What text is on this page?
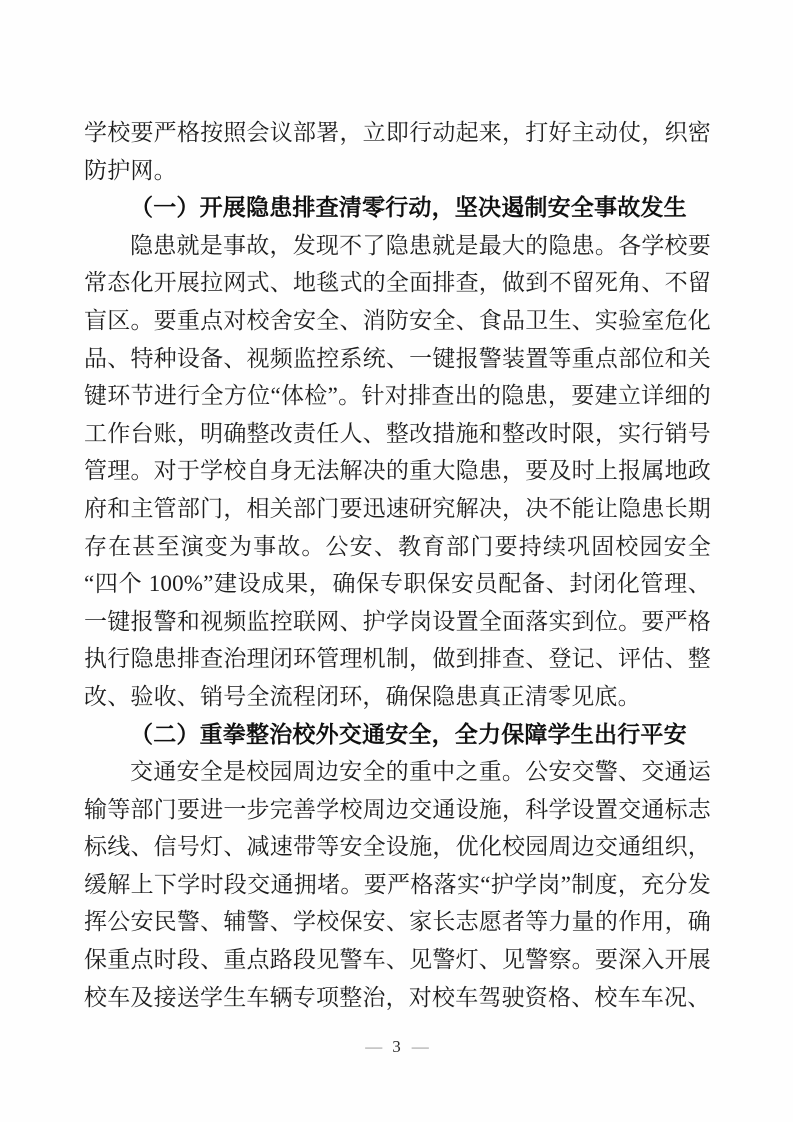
学校要严格按照会议部署，立即行动起来，打好主动仗，织密防护网。

（一）开展隐患排查清零行动，坚决遏制安全事故发生

隐患就是事故，发现不了隐患就是最大的隐患。各学校要常态化开展拉网式、地毯式的全面排查，做到不留死角、不留盲区。要重点对校舍安全、消防安全、食品卫生、实验室危化品、特种设备、视频监控系统、一键报警装置等重点部位和关键环节进行全方位“体检”。针对排查出的隐患，要建立详细的工作台账，明确整改责任人、整改措施和整改时限，实行销号管理。对于学校自身无法解决的重大隐患，要及时上报属地政府和主管部门，相关部门要迅速研究解决，决不能让隐患长期存在甚至演变为事故。公安、教育部门要持续巩固校园安全“四个 100%”建设成果，确保专职保安员配备、封闭化管理、一键报警和视频监控联网、护学岗设置全面落实到位。要严格执行隐患排查治理闭环管理机制，做到排查、登记、评估、整改、验收、销号全流程闭环，确保隐患真正清零见底。

（二）重拳整治校外交通安全，全力保障学生出行平安

交通安全是校园周边安全的重中之重。公安交警、交通运输等部门要进一步完善学校周边交通设施，科学设置交通标志标线、信号灯、减速带等安全设施，优化校园周边交通组织，缓解上下学时段交通拥堵。要严格落实“护学岗”制度，充分发挥公安民警、辅警、学校保安、家长志愿者等力量的作用，确保重点时段、重点路段见警车、见警灯、见警察。要深入开展校车及接送学生车辆专项整治，对校车驾驶资格、校车车况、

— 3 —
